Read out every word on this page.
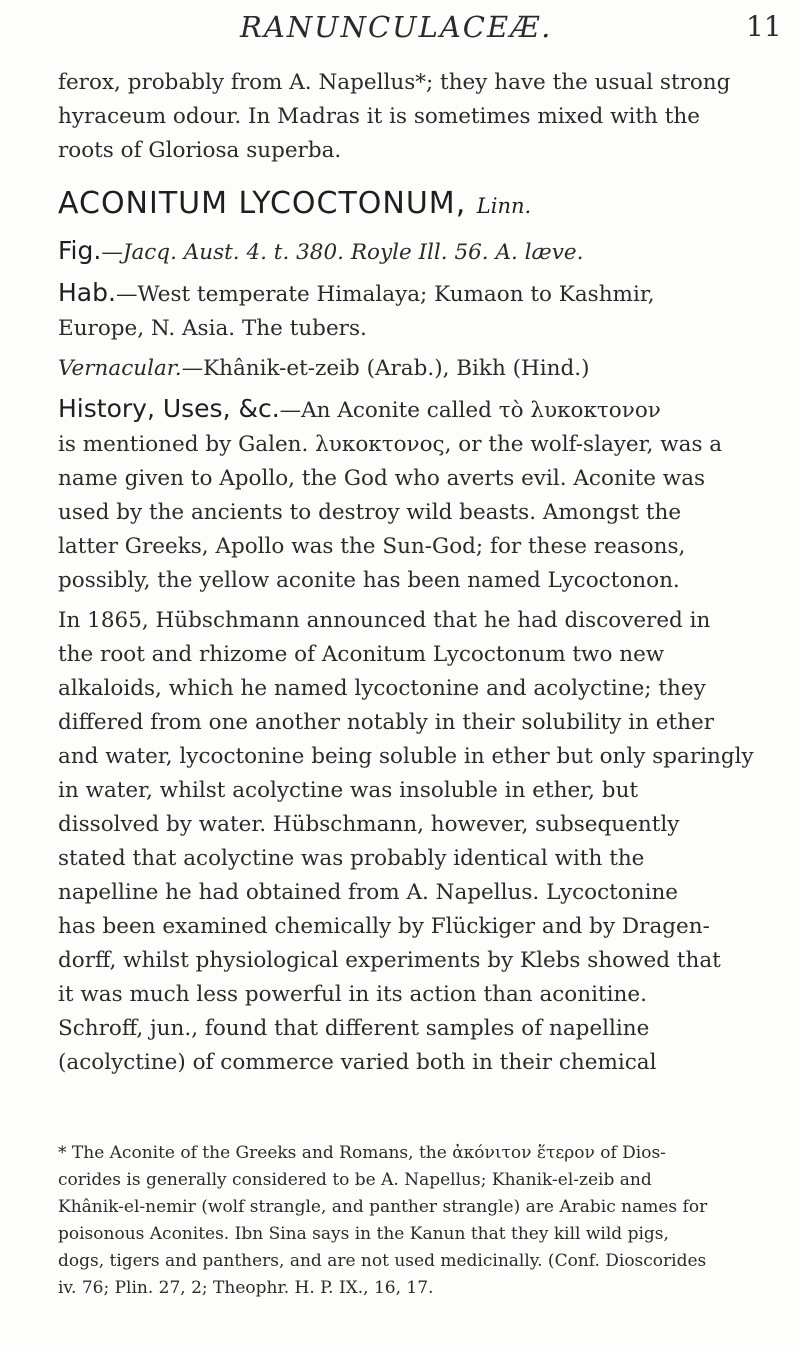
RANUNCULACEÆ.	11

ferox, probably from A. Napellus*; they have the usual strong
hyraceum odour. In Madras it is sometimes mixed with the
roots of Gloriosa superba.

ACONITUM LYCOCTONUM, Linn.

Fig.—Jacq. Aust. 4. t. 380. Royle Ill. 56. A. læve.

Hab.—West temperate Himalaya; Kumaon to Kashmir,
Europe, N. Asia. The tubers.

Vernacular.—Khânik-et-zeib (Arab.), Bikh (Hind.)

History, Uses, &c.—An Aconite called τὸ λυκοκτονον
is mentioned by Galen. λυκοκτονος, or the wolf-slayer, was a
name given to Apollo, the God who averts evil. Aconite was
used by the ancients to destroy wild beasts. Amongst the
latter Greeks, Apollo was the Sun-God; for these reasons,
possibly, the yellow aconite has been named Lycoctonon.

In 1865, Hübschmann announced that he had discovered in
the root and rhizome of Aconitum Lycoctonum two new
alkaloids, which he named lycoctonine and acolyctine; they
differed from one another notably in their solubility in ether
and water, lycoctonine being soluble in ether but only sparingly
in water, whilst acolyctine was insoluble in ether, but
dissolved by water. Hübschmann, however, subsequently
stated that acolyctine was probably identical with the
napelline he had obtained from A. Napellus. Lycoctonine
has been examined chemically by Flückiger and by Dragen-
dorff, whilst physiological experiments by Klebs showed that
it was much less powerful in its action than aconitine.
Schroff, jun., found that different samples of napelline
(acolyctine) of commerce varied both in their chemical

* The Aconite of the Greeks and Romans, the ἀκόνιτον ἕτερον of Dios-
corides is generally considered to be A. Napellus; Khanik-el-zeib and
Khânik-el-nemir (wolf strangle, and panther strangle) are Arabic names for
poisonous Aconites. Ibn Sina says in the Kanun that they kill wild pigs,
dogs, tigers and panthers, and are not used medicinally. (Conf. Dioscorides
iv. 76; Plin. 27, 2; Theophr. H. P. IX., 16, 17.
